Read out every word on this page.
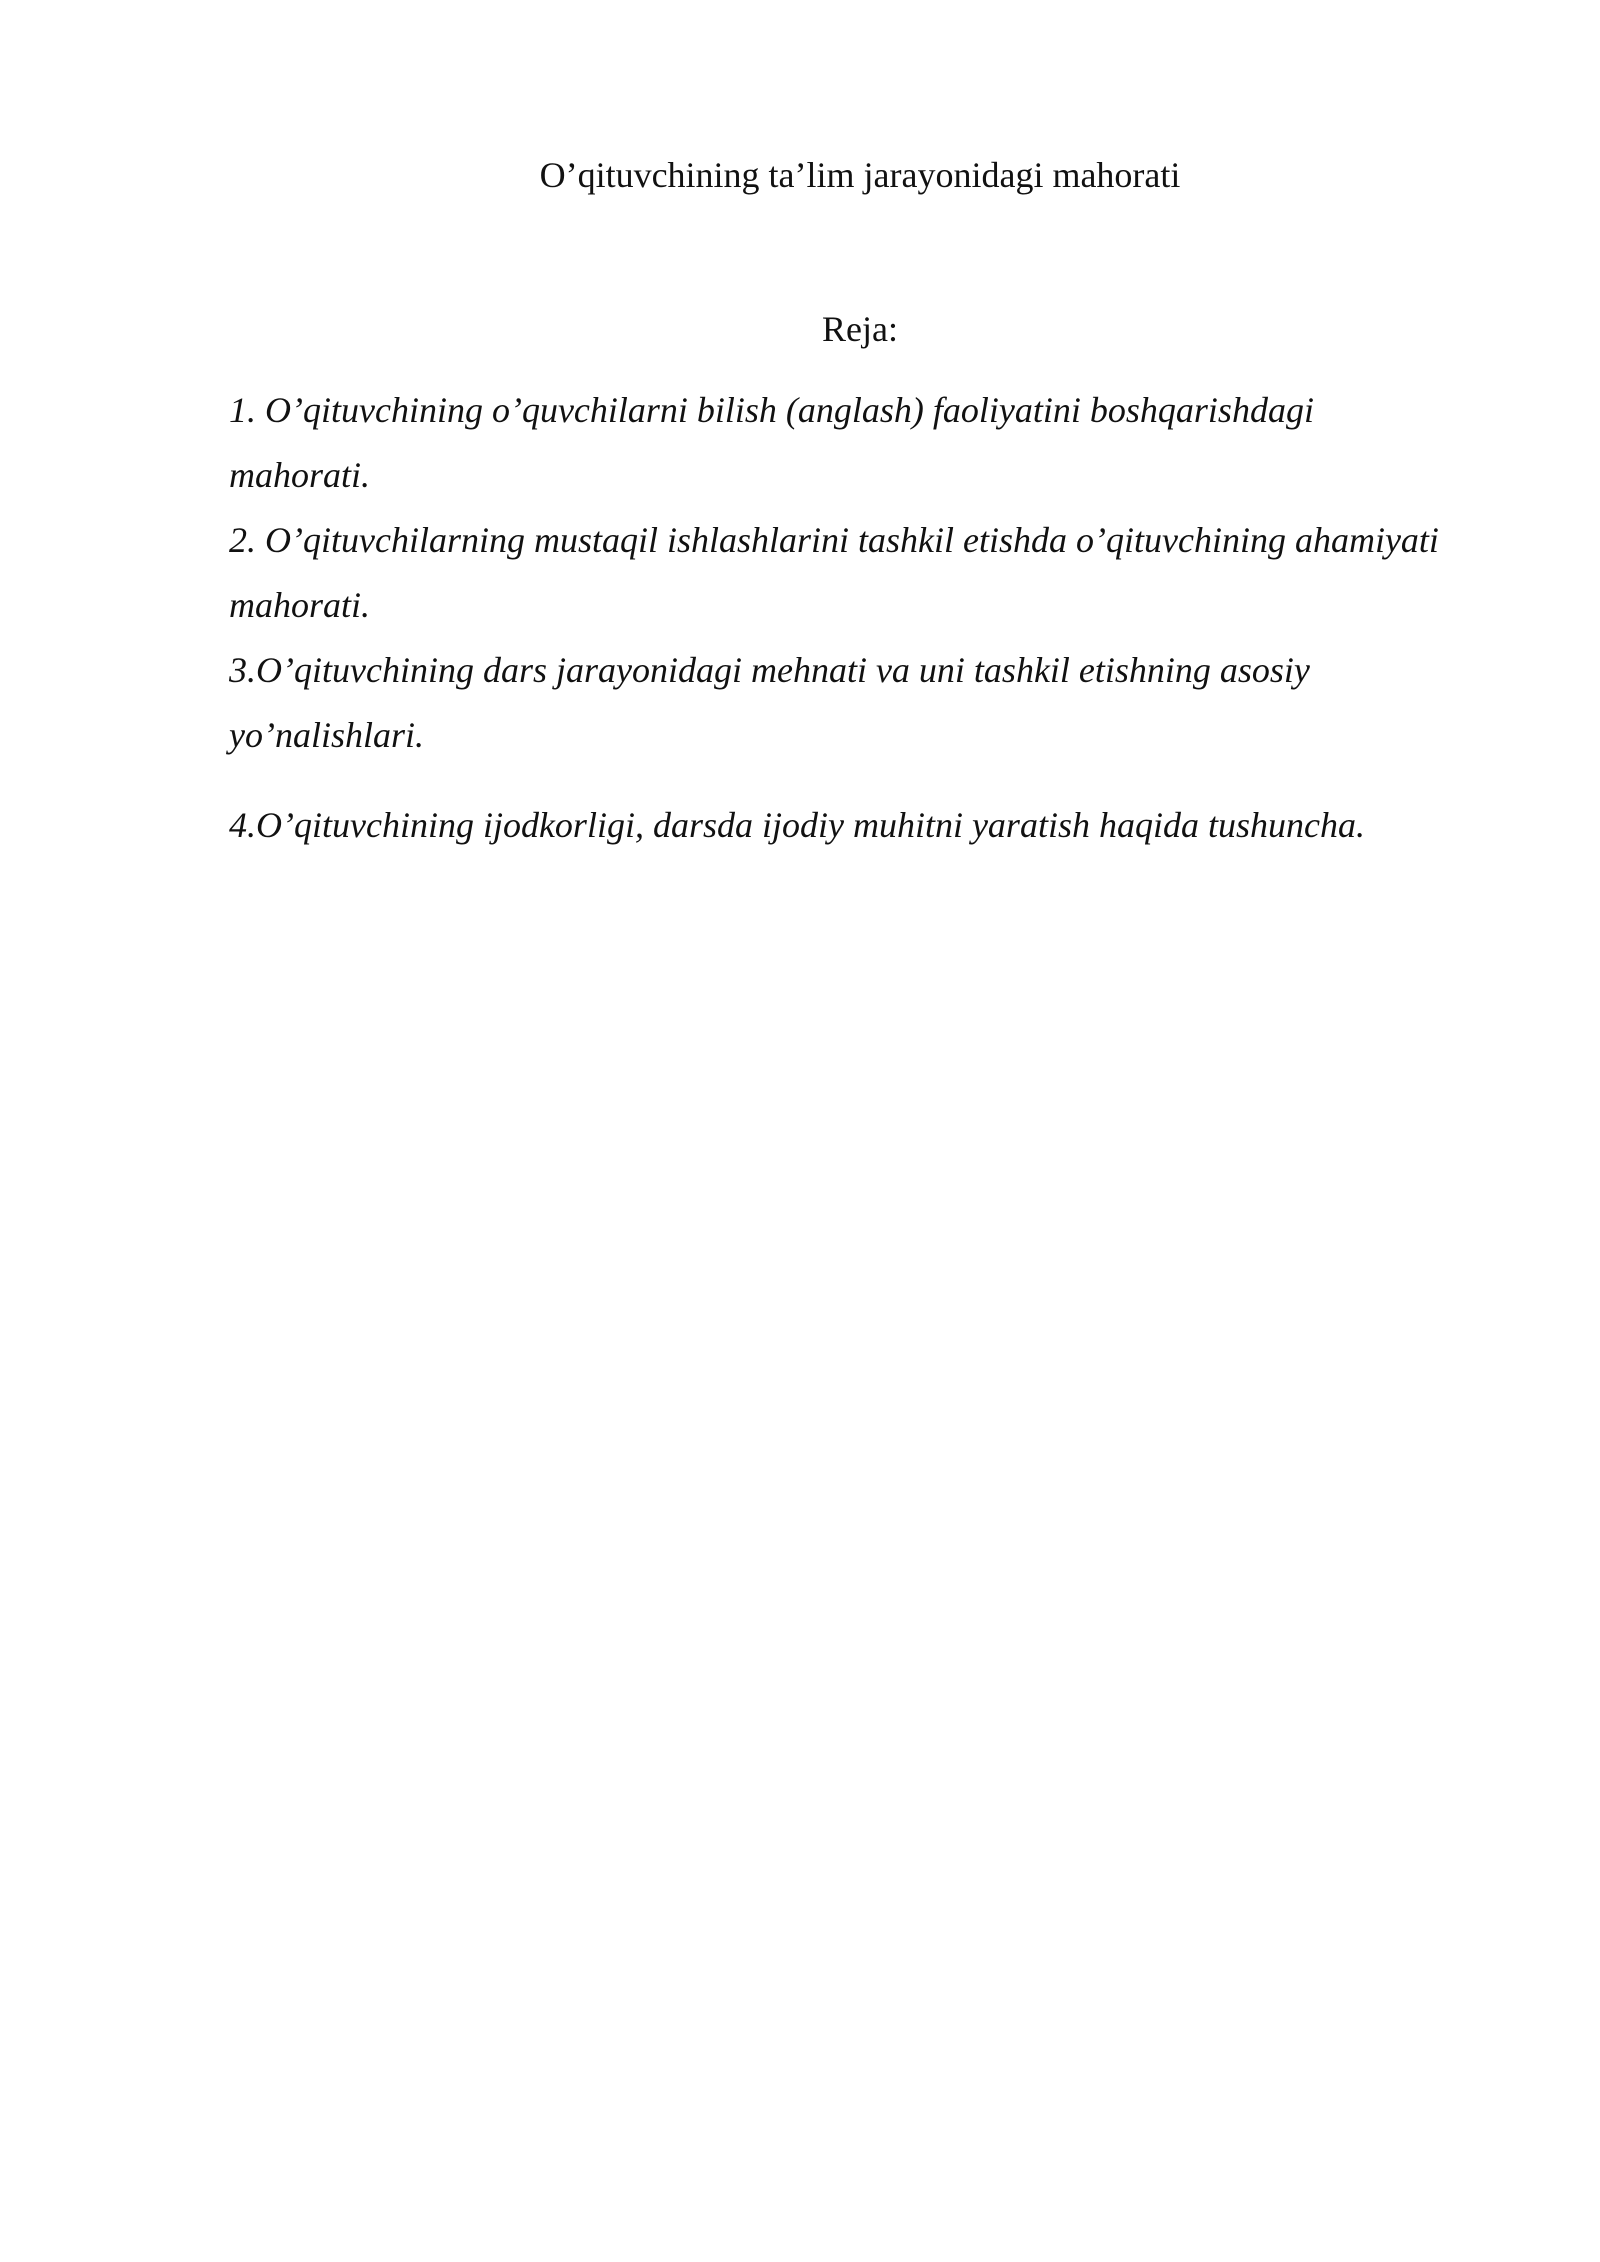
O’qituvchining ta’lim jarayonidagi mahorati
Reja:
1. O’qituvchining o’quvchilarni bilish (anglash) faoliyatini boshqarishdagi mahorati.
2. O’qituvchilarning mustaqil ishlashlarini tashkil etishda o’qituvchining ahamiyati mahorati.
3.O’qituvchining dars jarayonidagi mehnati va uni tashkil etishning asosiy yo’nalishlari.
4.O’qituvchining ijodkorligi, darsda ijodiy muhitni yaratish haqida tushuncha.
